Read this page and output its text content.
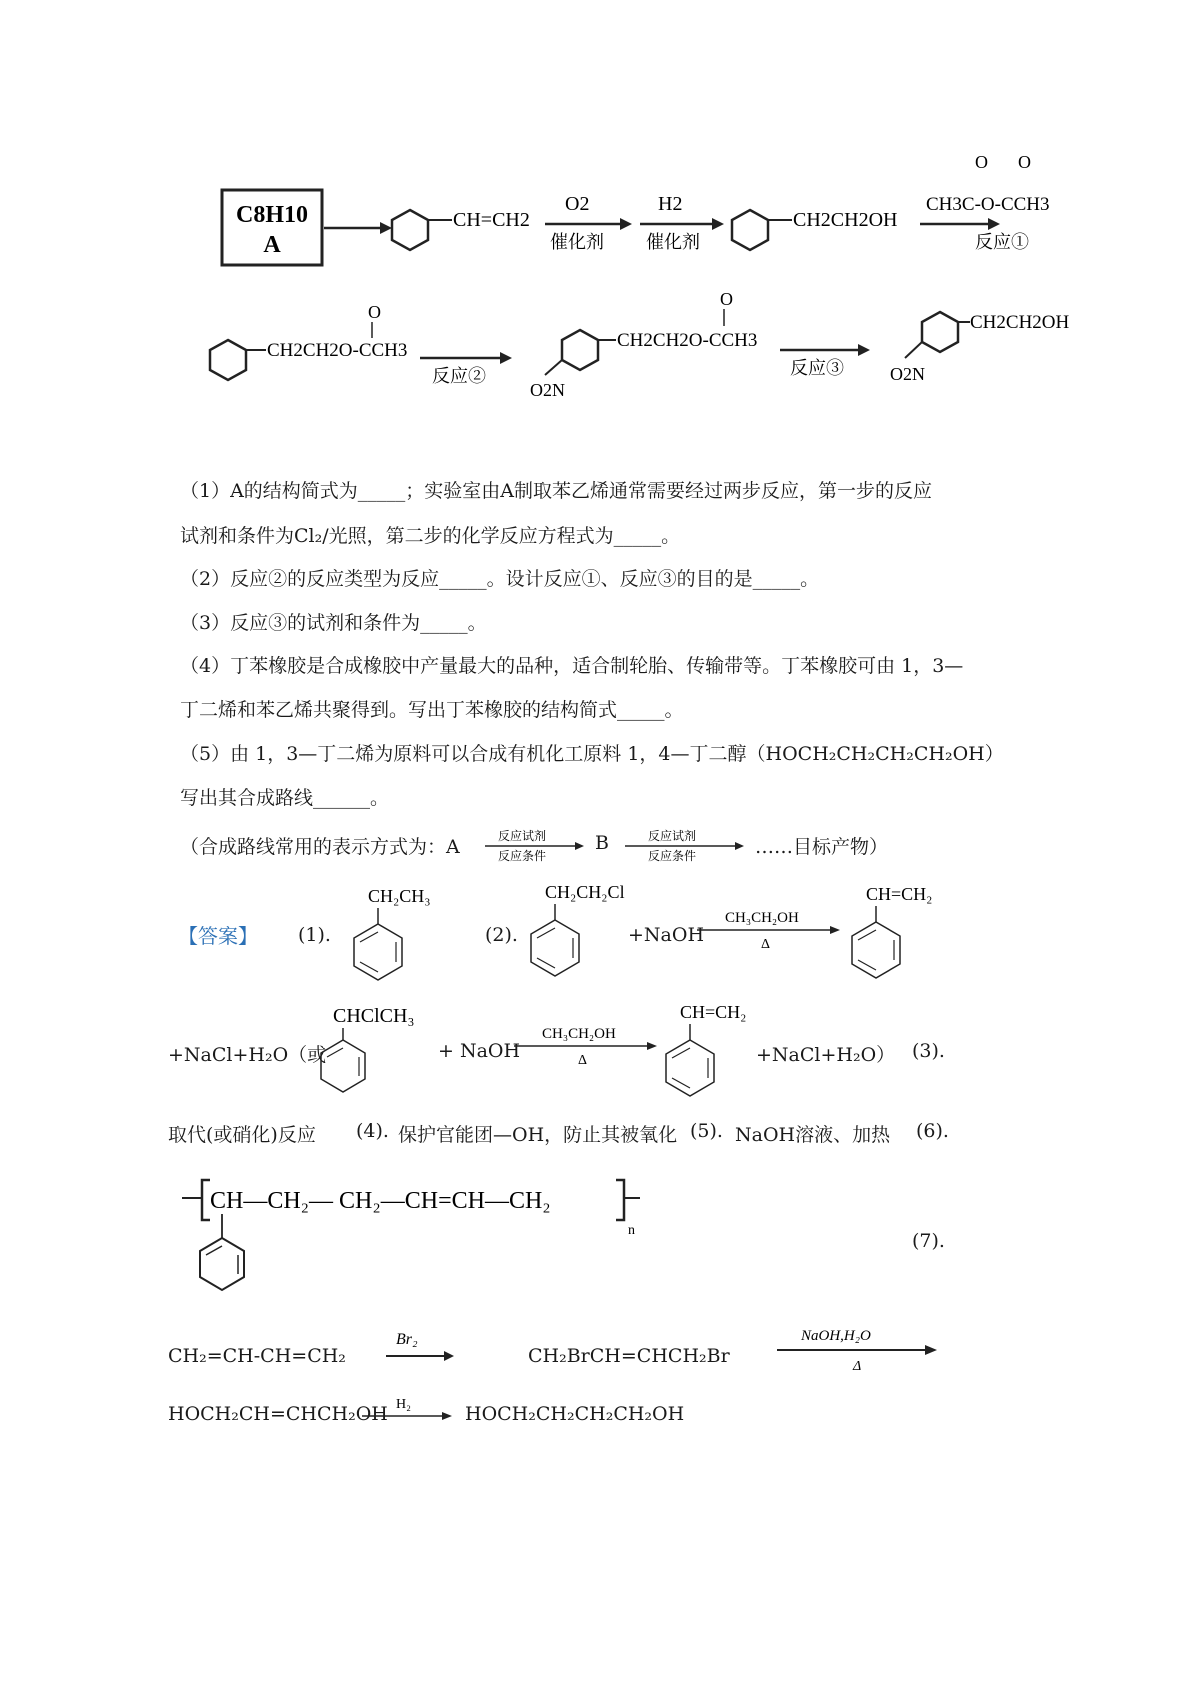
C8H10
A
CH=CH2
O2
催化剂
H2
催化剂
CH2CH2OH
O O
CH3C-O-CCH3
反应①
CH2CH2O-CCH3
O
反应②
CH2CH2O-CCH3
O
O2N
反应③
CH2CH2OH
O2N
（1）A的结构简式为_____；实验室由A制取苯乙烯通常需要经过两步反应，第一步的反应
试剂和条件为Cl₂/光照，第二步的化学反应方程式为_____。
（2）反应②的反应类型为反应_____。设计反应①、反应③的目的是_____。
（3）反应③的试剂和条件为_____。
（4）丁苯橡胶是合成橡胶中产量最大的品种，适合制轮胎、传输带等。丁苯橡胶可由 1，3—
丁二烯和苯乙烯共聚得到。写出丁苯橡胶的结构简式_____。
（5）由 1，3—丁二烯为原料可以合成有机化工原料 1，4—丁二醇（HOCH₂CH₂CH₂CH₂OH）
写出其合成路线______。
（合成路线常用的表示方式为：A	反应试剂
反应条件
B	反应试剂
反应条件	……目标产物）
【答案】 (1).
CH₂CH₃
(2).
CH₂CH₂Cl
+NaOH
CH₃CH₂OH
Δ
CH=CH₂
+NaCl+H₂O（或
CHClCH₃
+ NaOH
CH₃CH₂OH
Δ
CH=CH₂
+NaCl+H₂O） (3).
取代(或硝化)反应 (4). 保护官能团—OH，防止其被氧化 (5). NaOH溶液、加热 (6).
CH—CH₂— CH₂—CH=CH—CH₂
n	(7).
CH₂=CH-CH=CH₂
Br₂
CH₂BrCH=CHCH₂Br
NaOH,H₂O
Δ
HOCH₂CH=CHCH₂OH H₂	HOCH₂CH₂CH₂CH₂OH
